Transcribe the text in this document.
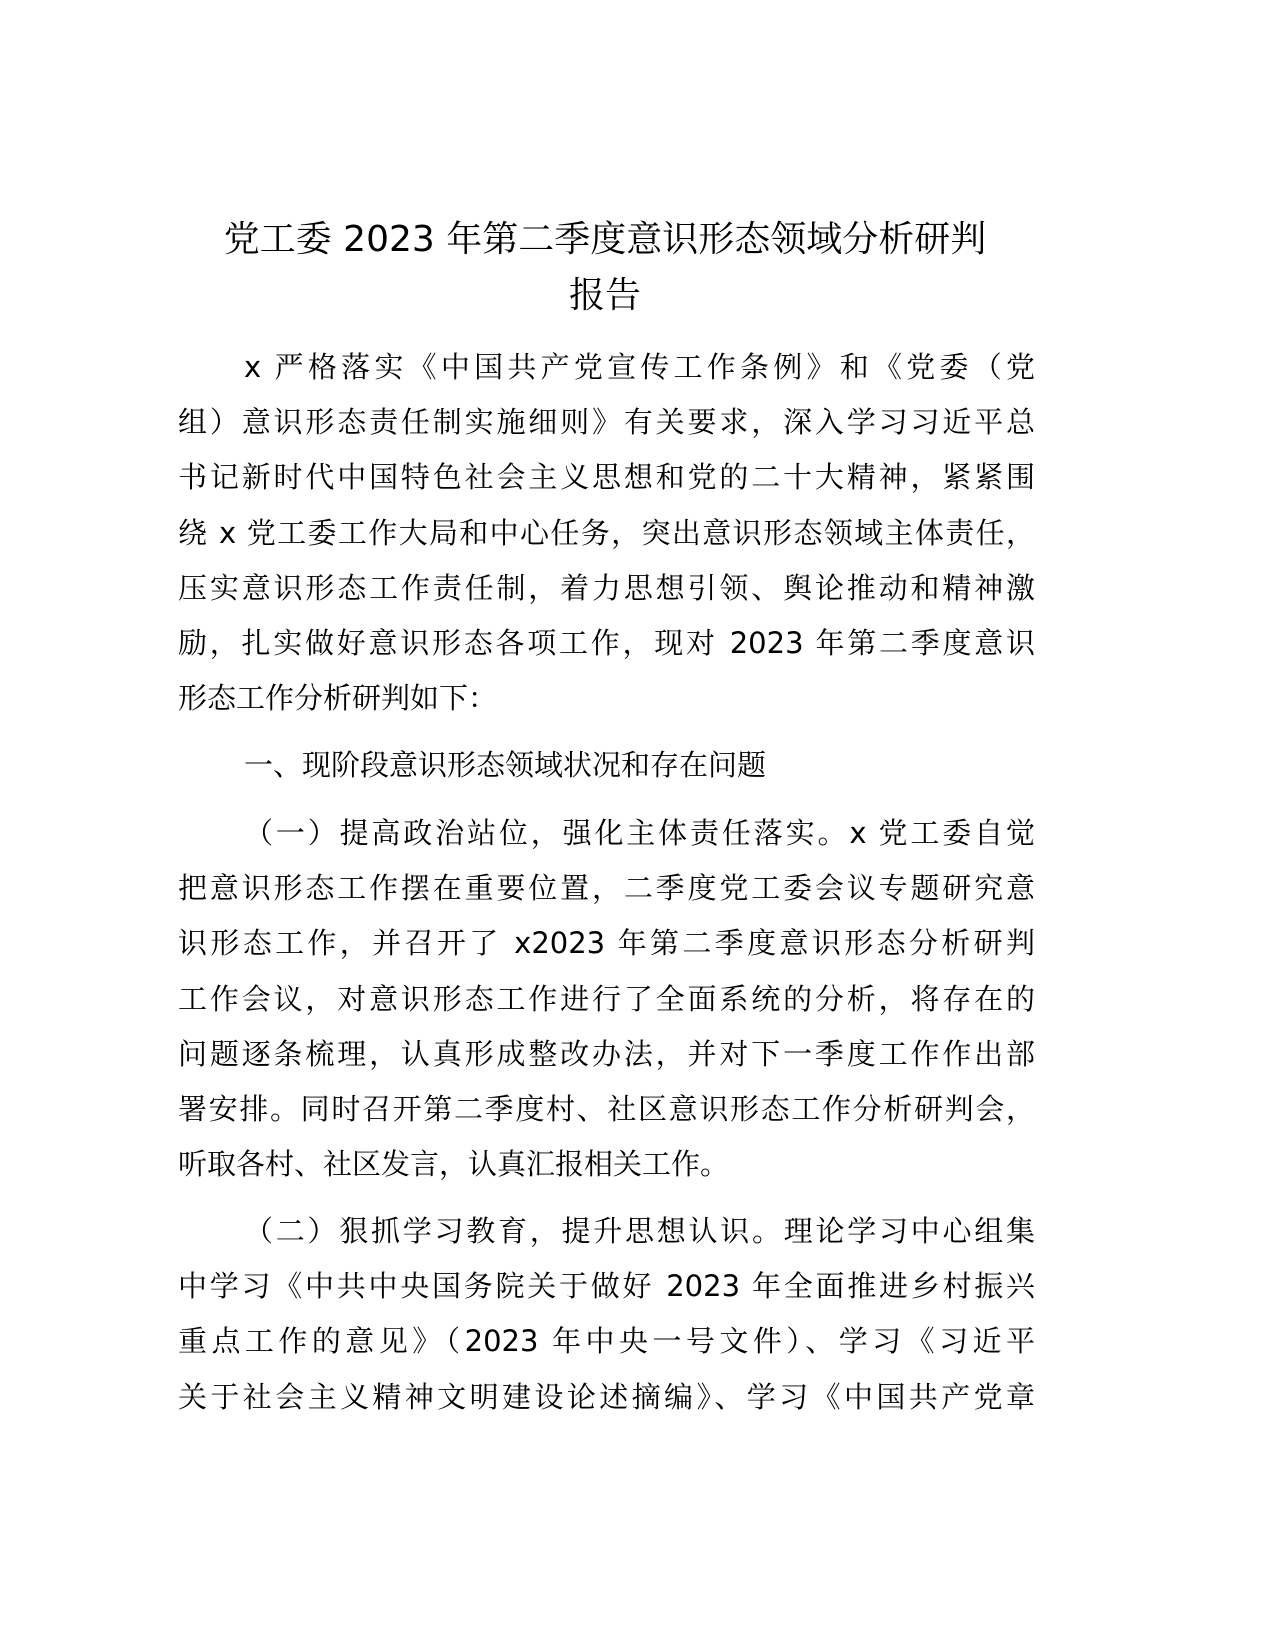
党工委 2023 年第二季度意识形态领域分析研判
报告
x 严格落实《中国共产党宣传工作条例》和《党委（党
组）意识形态责任制实施细则》有关要求，深入学习习近平总
书记新时代中国特色社会主义思想和党的二十大精神，紧紧围
绕 x 党工委工作大局和中心任务，突出意识形态领域主体责任，
压实意识形态工作责任制，着力思想引领、舆论推动和精神激
励，扎实做好意识形态各项工作，现对 2023 年第二季度意识
形态工作分析研判如下：
一、现阶段意识形态领域状况和存在问题
（一）提高政治站位，强化主体责任落实。x 党工委自觉
把意识形态工作摆在重要位置，二季度党工委会议专题研究意
识形态工作，并召开了 x2023 年第二季度意识形态分析研判
工作会议，对意识形态工作进行了全面系统的分析，将存在的
问题逐条梳理，认真形成整改办法，并对下一季度工作作出部
署安排。同时召开第二季度村、社区意识形态工作分析研判会，
听取各村、社区发言，认真汇报相关工作。
（二）狠抓学习教育，提升思想认识。理论学习中心组集
中学习《中共中央国务院关于做好 2023 年全面推进乡村振兴
重点工作的意见》（2023 年中央一号文件）、学习《习近平
关于社会主义精神文明建设论述摘编》、学习《中国共产党章
